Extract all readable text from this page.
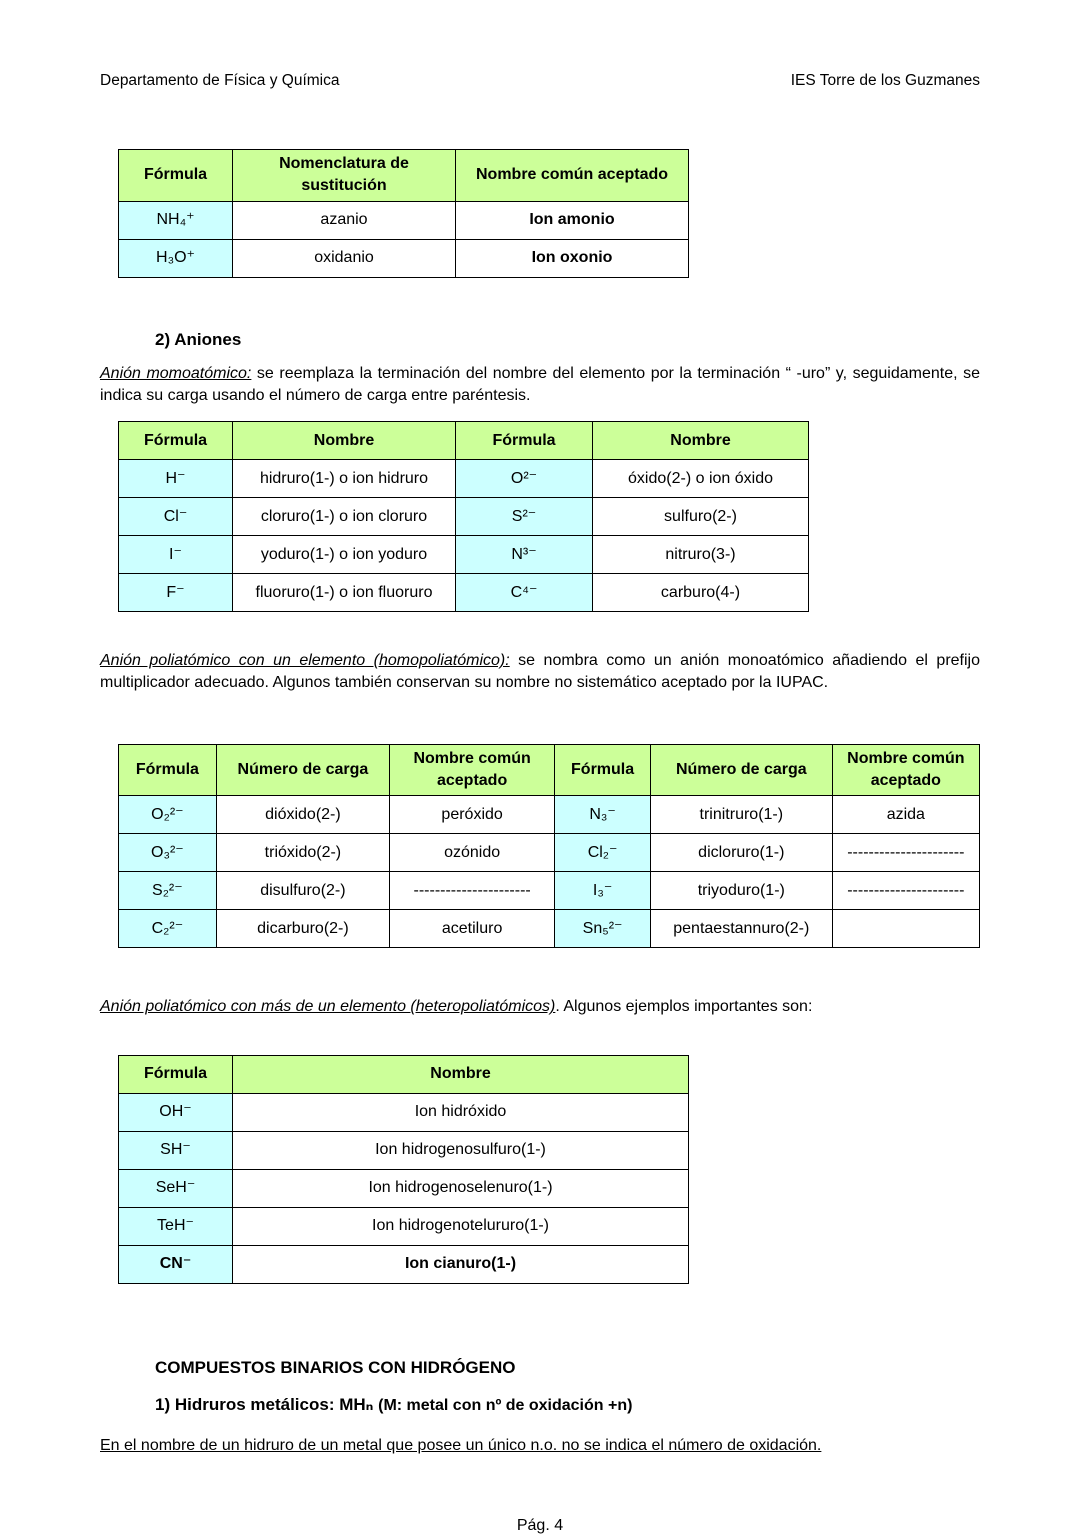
Departamento de Física y Química	IES Torre de los Guzmanes
Fórmula	Nomenclatura de sustitución	Nombre común aceptado
NH₄⁺	azanio	Ion amonio
H₃O⁺	oxidanio	Ion oxonio
2) Aniones

Anión momoatómico: se reemplaza la terminación del nombre del elemento por la terminación “ -uro” y, seguidamente, se indica su carga usando el número de carga entre paréntesis.

Fórmula	Nombre	Fórmula	Nombre
H⁻	hidruro(1-) o ion hidruro	O²⁻	óxido(2-) o ion óxido
Cl⁻	cloruro(1-) o ion cloruro	S²⁻	sulfuro(2-)
I⁻	yoduro(1-) o ion yoduro	N³⁻	nitruro(3-)
F⁻	fluoruro(1-) o ion fluoruro	C⁴⁻	carburo(4-)

Anión poliatómico con un elemento (homopoliatómico): se nombra como un anión monoatómico añadiendo el prefijo multiplicador adecuado. Algunos también conservan su nombre no sistemático aceptado por la IUPAC.

Fórmula	Número de carga	Nombre común aceptado	Fórmula	Número de carga	Nombre común aceptado
O₂²⁻	dióxido(2-)	peróxido	N₃⁻	trinitruro(1-)	azida
O₃²⁻	trióxido(2-)	ozónido	Cl₂⁻	dicloruro(1-)	----------------------
S₂²⁻	disulfuro(2-)	----------------------	I₃⁻	triyoduro(1-)	----------------------
C₂²⁻	dicarburo(2-)	acetiluro	Sn₅²⁻	pentaestannuro(2-)	

Anión poliatómico con más de un elemento (heteropoliatómicos). Algunos ejemplos importantes son:

Fórmula	Nombre
OH⁻	Ion hidróxido
SH⁻	Ion hidrogenosulfuro(1-)
SeH⁻	Ion hidrogenoselenuro(1-)
TeH⁻	Ion hidrogenotelururo(1-)
CN⁻	Ion cianuro(1-)
COMPUESTOS BINARIOS CON HIDRÓGENO
1) Hidruros metálicos: MHₙ (M: metal con nº de oxidación +n)

En el nombre de un hidruro de un metal que posee un único n.o. no se indica el número de oxidación.

Pág. 4
